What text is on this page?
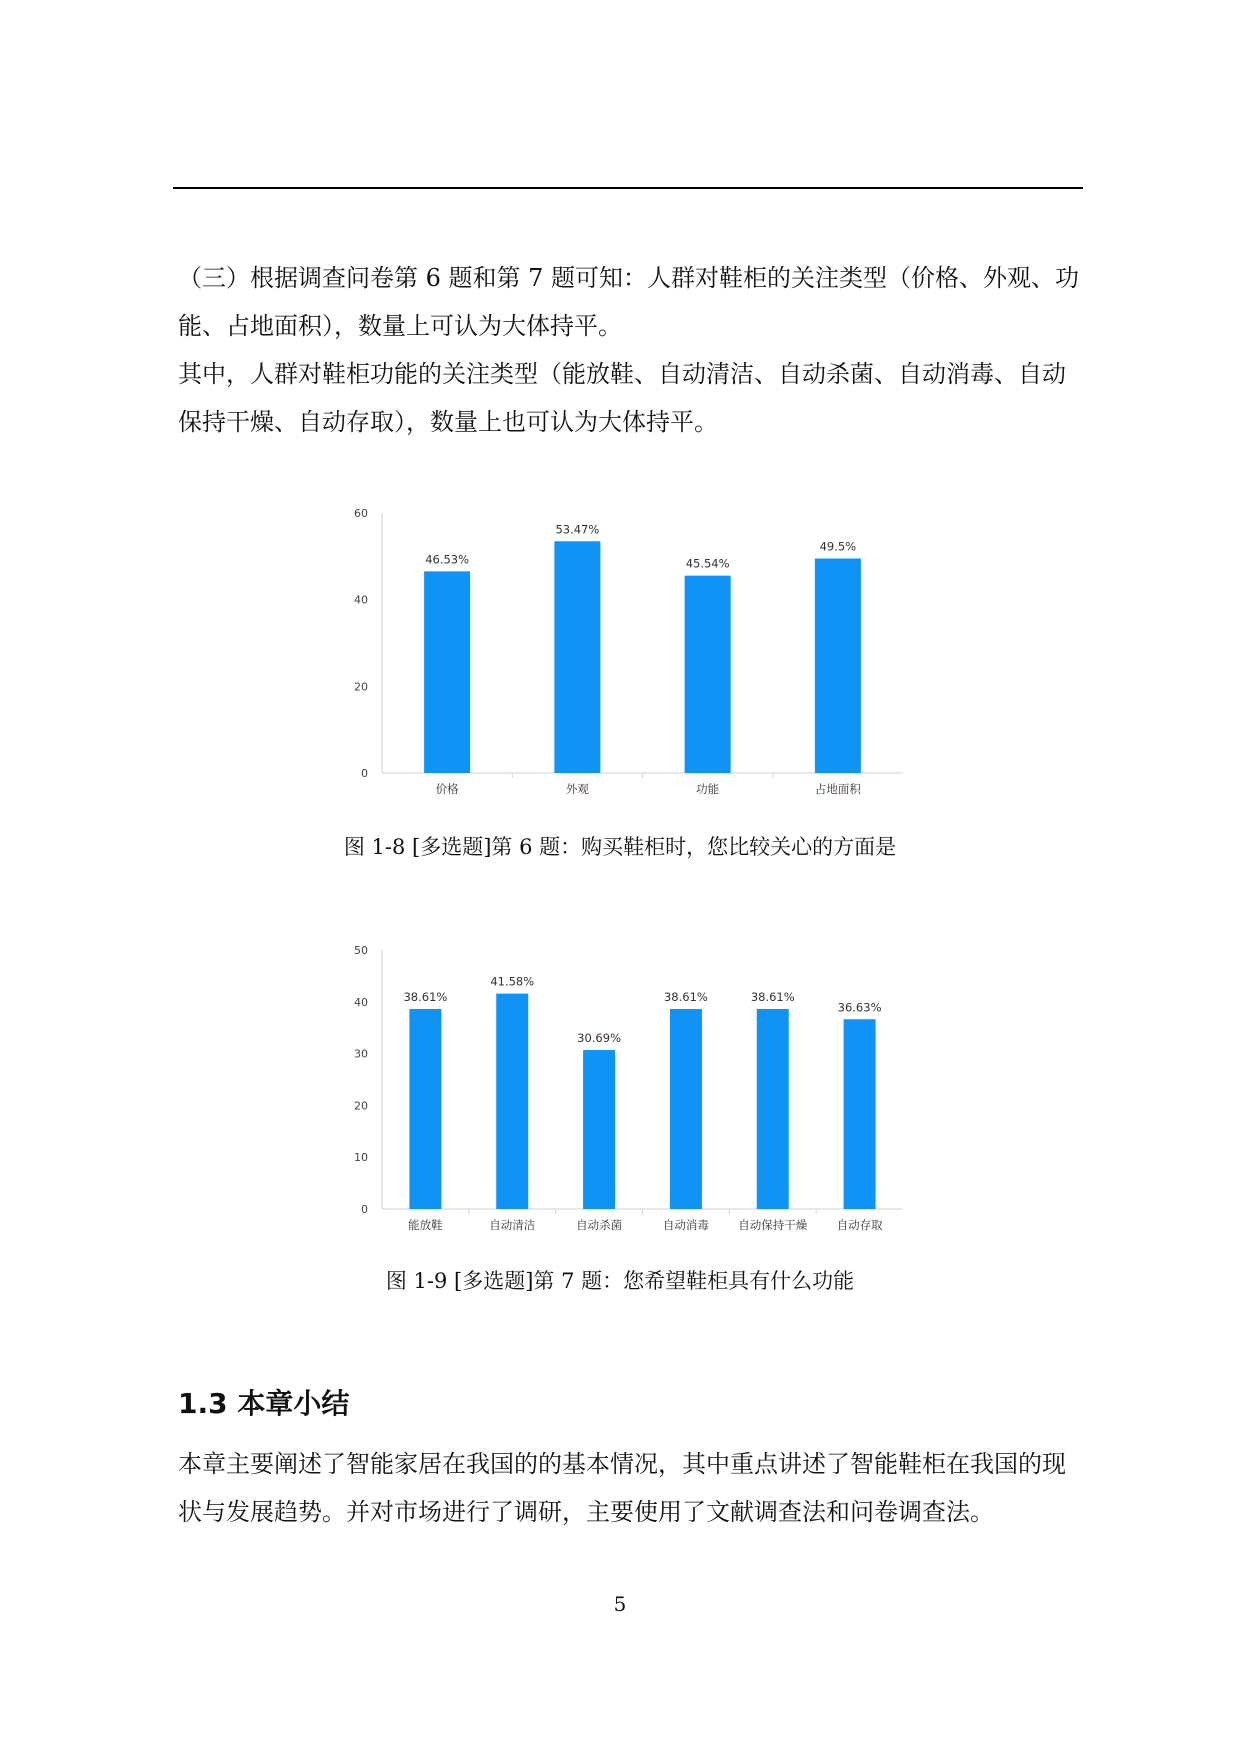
（三）根据调查问卷第 6 题和第 7 题可知：人群对鞋柜的关注类型（价格、外观、功能、占地面积），数量上可认为大体持平。

其中，人群对鞋柜功能的关注类型（能放鞋、自动清洁、自动杀菌、自动消毒、自动保持干燥、自动存取），数量上也可认为大体持平。

0
20
40
60
46.53%
价格
53.47%
外观
45.54%
功能
49.5%
占地面积
图 1-8 [多选题]第 6 题：购买鞋柜时，您比较关心的方面是
0
10
20
30
40
50
38.61%
能放鞋
41.58%
自动清洁
30.69%
自动杀菌
38.61%
自动消毒
38.61%
自动保持干燥
36.63%
自动存取
图 1-9 [多选题]第 7 题：您希望鞋柜具有什么功能
1.3 本章小结

本章主要阐述了智能家居在我国的的基本情况，其中重点讲述了智能鞋柜在我国的现状与发展趋势。并对市场进行了调研，主要使用了文献调查法和问卷调查法。

5
